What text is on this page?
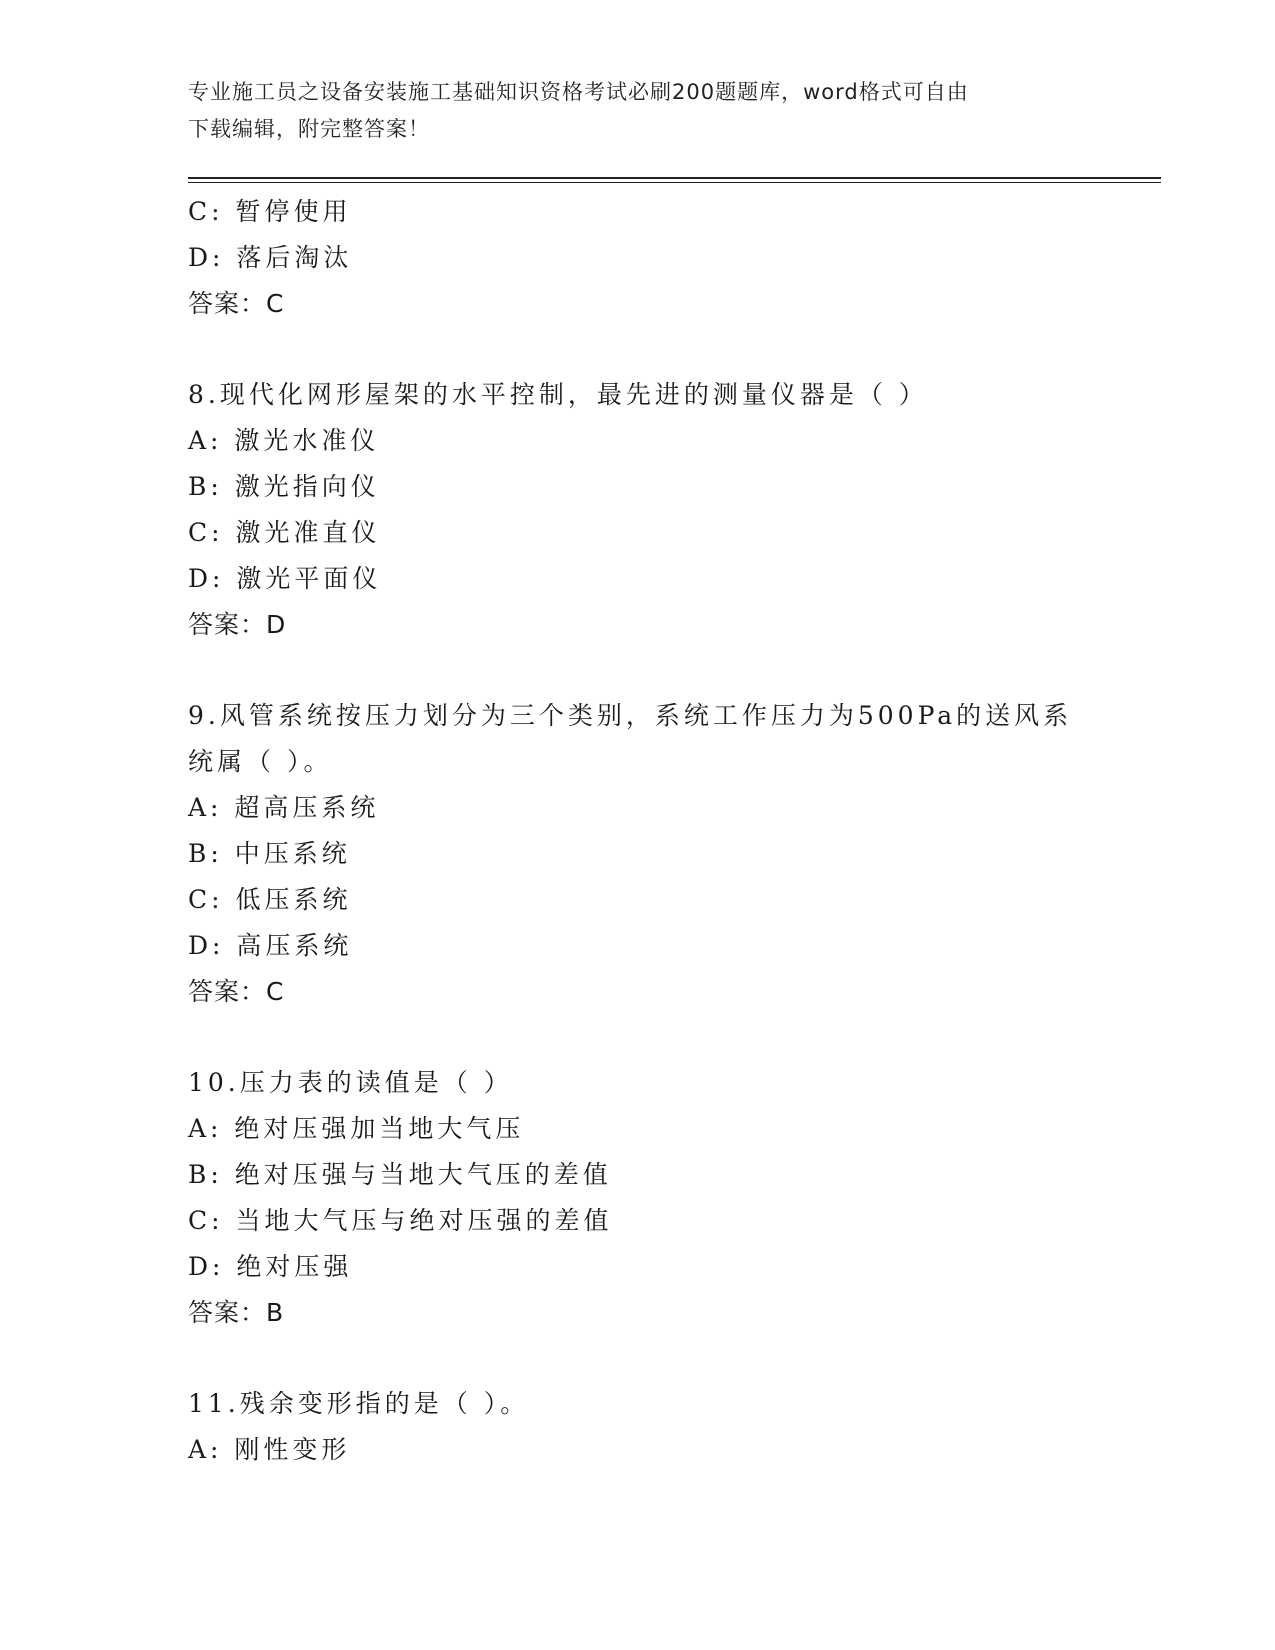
专业施工员之设备安装施工基础知识资格考试必刷200题题库，word格式可自由
下载编辑，附完整答案！
C: 暂停使用
D: 落后淘汰
答案：C
8.现代化网形屋架的水平控制，最先进的测量仪器是（ ）
A: 激光水准仪
B: 激光指向仪
C: 激光准直仪
D: 激光平面仪
答案：D
9.风管系统按压力划分为三个类别，系统工作压力为500Pa的送风系
统属（ ）。
A: 超高压系统
B: 中压系统
C: 低压系统
D: 高压系统
答案：C
10.压力表的读值是（ ）
A: 绝对压强加当地大气压
B: 绝对压强与当地大气压的差值
C: 当地大气压与绝对压强的差值
D: 绝对压强
答案：B
11.残余变形指的是（ ）。
A: 刚性变形
